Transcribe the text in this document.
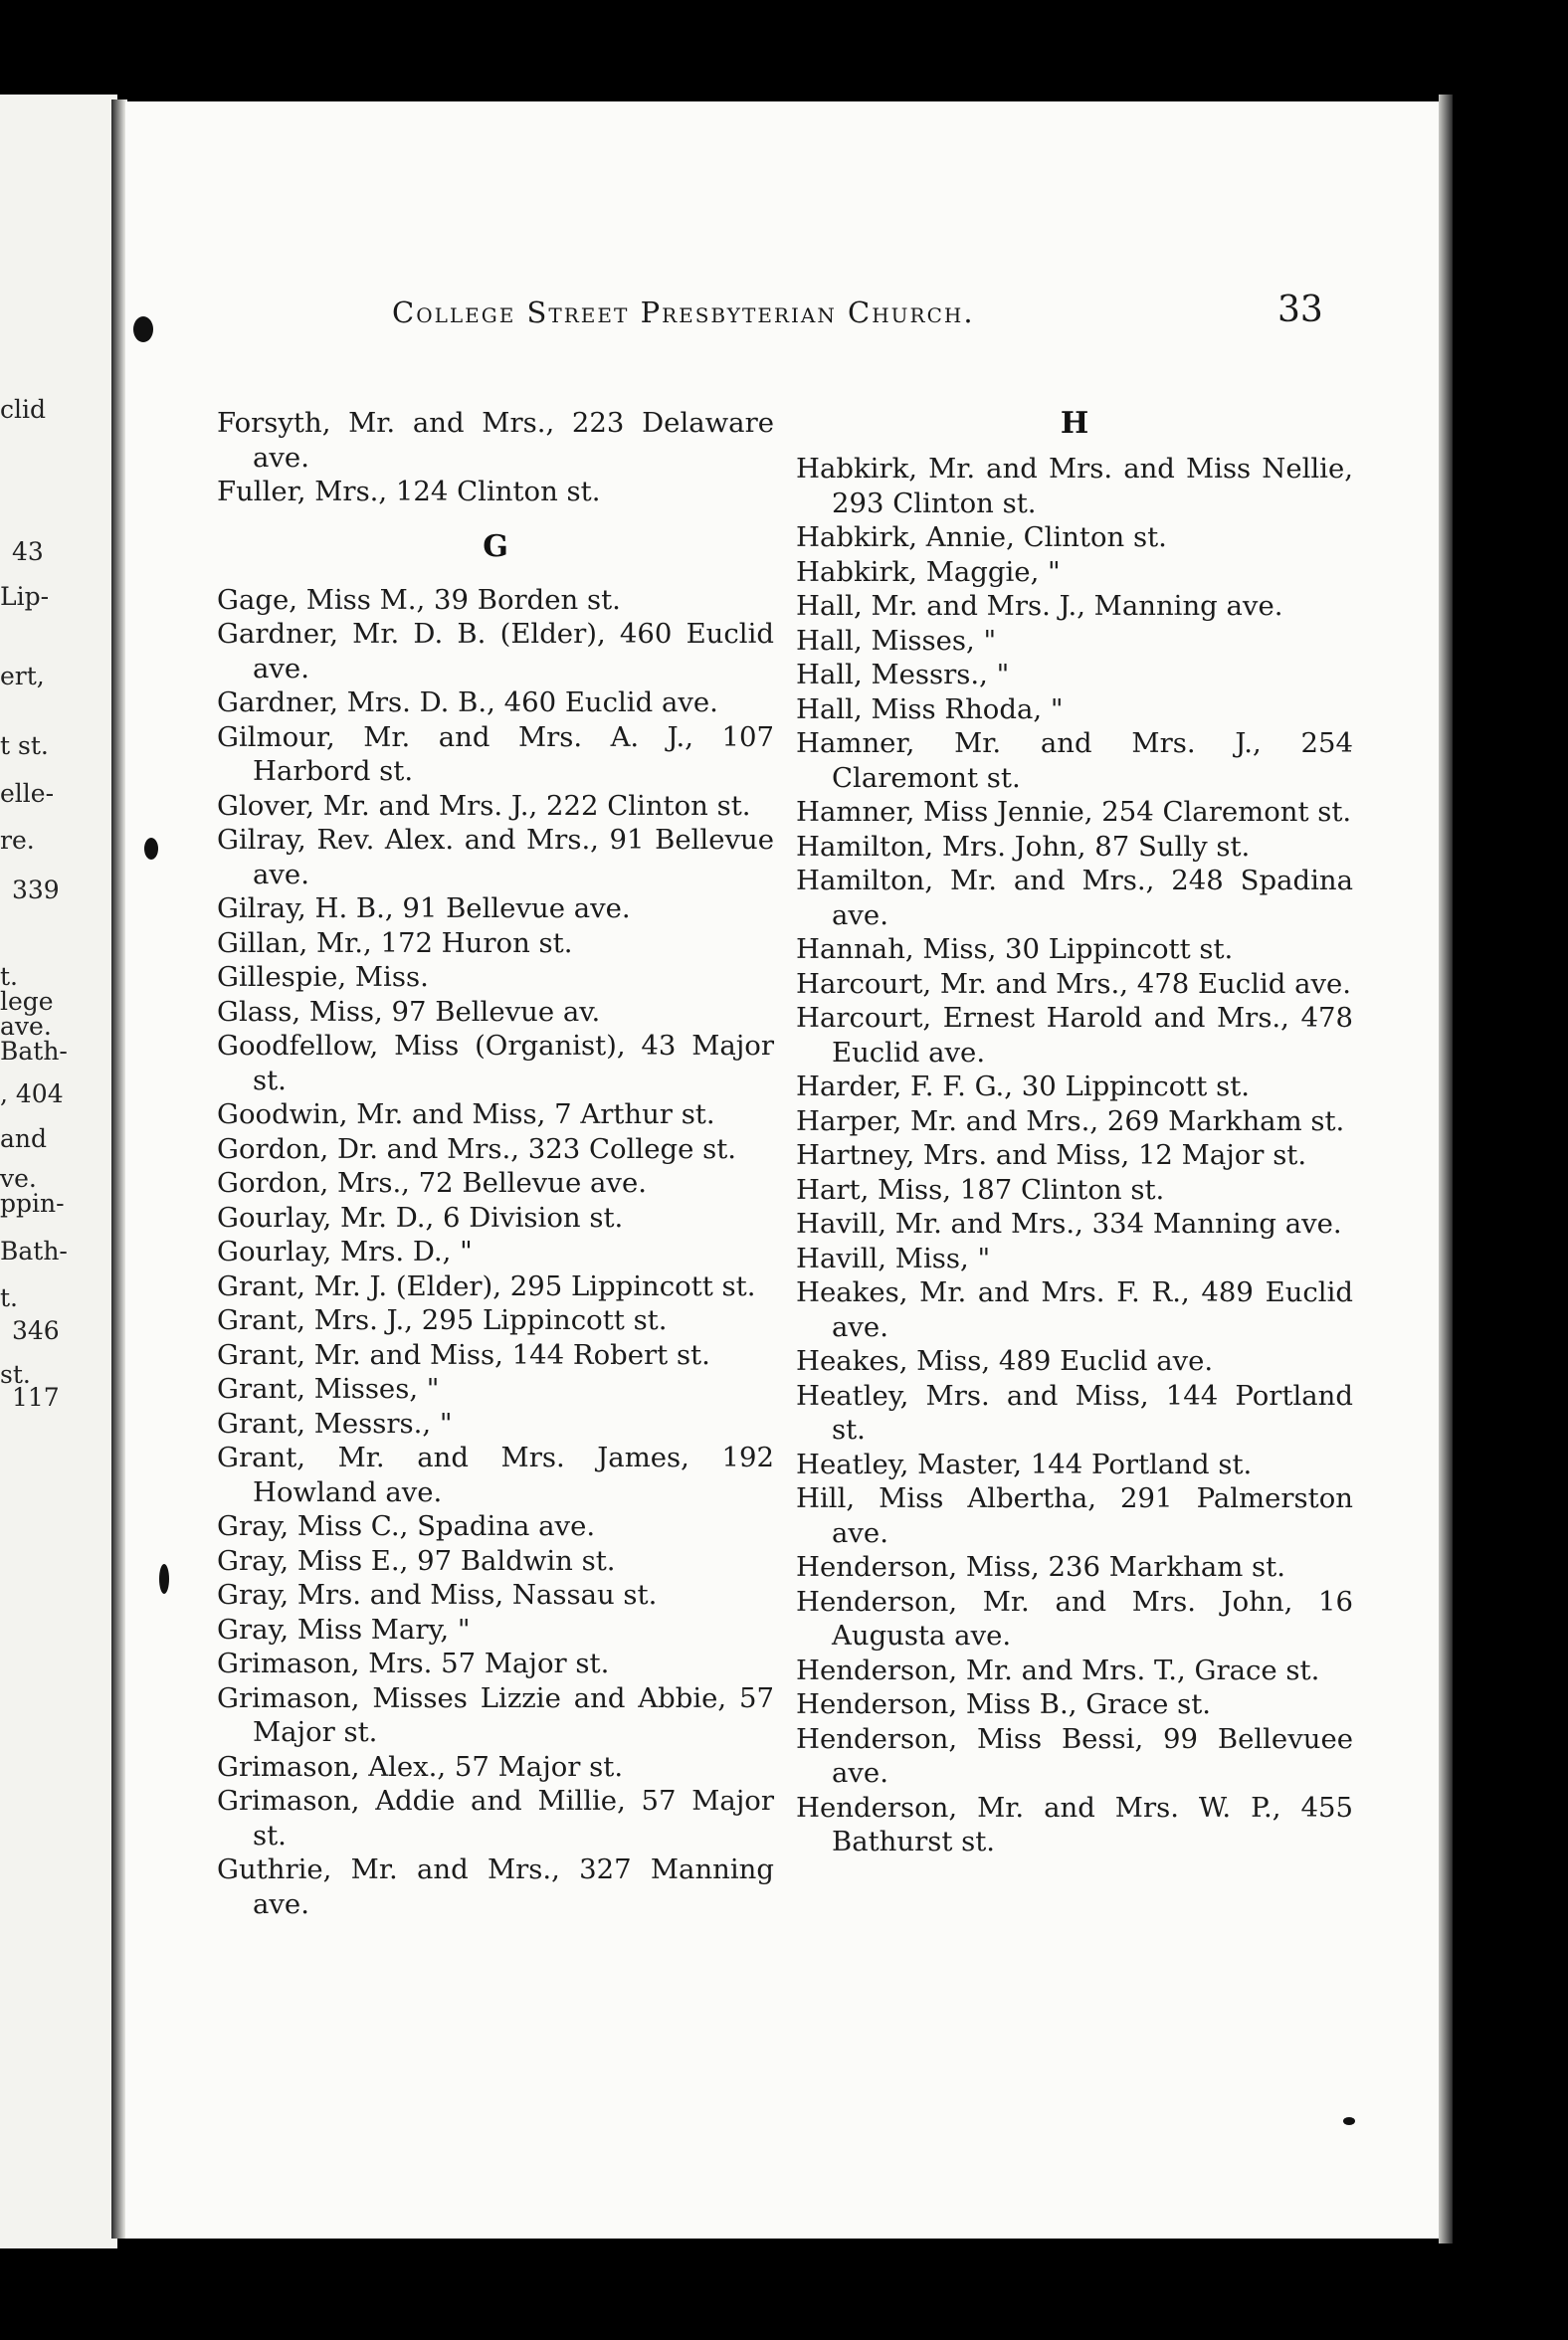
clid
43
Lip-
ert,
t st.
elle-
re.
339
t.
lege
ave.
Bath-
, 404
and
ve.
ppin-
Bath-
t.
346
st.
117
College Street Presbyterian Church.	33
Forsyth, Mr. and Mrs., 223 Delaware ave.
Fuller, Mrs., 124 Clinton st.
G
Gage, Miss M., 39 Borden st.
Gardner, Mr. D. B. (Elder), 460 Euclid ave.
Gardner, Mrs. D. B., 460 Euclid ave.
Gilmour, Mr. and Mrs. A. J., 107 Harbord st.
Glover, Mr. and Mrs. J., 222 Clinton st.
Gilray, Rev. Alex. and Mrs., 91 Bellevue ave.
Gilray, H. B., 91 Bellevue ave.
Gillan, Mr., 172 Huron st.
Gillespie, Miss.
Glass, Miss, 97 Bellevue av.
Goodfellow, Miss (Organist), 43 Major st.
Goodwin, Mr. and Miss, 7 Arthur st.
Gordon, Dr. and Mrs., 323 College st.
Gordon, Mrs., 72 Bellevue ave.
Gourlay, Mr. D., 6 Division st.
Gourlay, Mrs. D., "
Grant, Mr. J. (Elder), 295 Lippincott st.
Grant, Mrs. J., 295 Lippincott st.
Grant, Mr. and Miss, 144 Robert st.
Grant, Misses, "
Grant, Messrs., "
Grant, Mr. and Mrs. James, 192 Howland ave.
Gray, Miss C., Spadina ave.
Gray, Miss E., 97 Baldwin st.
Gray, Mrs. and Miss, Nassau st.
Gray, Miss Mary, "
Grimason, Mrs. 57 Major st.
Grimason, Misses Lizzie and Abbie, 57 Major st.
Grimason, Alex., 57 Major st.
Grimason, Addie and Millie, 57 Major st.
Guthrie, Mr. and Mrs., 327 Manning ave.
H
Habkirk, Mr. and Mrs. and Miss Nellie, 293 Clinton st.
Habkirk, Annie, Clinton st.
Habkirk, Maggie, "
Hall, Mr. and Mrs. J., Manning ave.
Hall, Misses, "
Hall, Messrs., "
Hall, Miss Rhoda, "
Hamner, Mr. and Mrs. J., 254 Claremont st.
Hamner, Miss Jennie, 254 Claremont st.
Hamilton, Mrs. John, 87 Sully st.
Hamilton, Mr. and Mrs., 248 Spadina ave.
Hannah, Miss, 30 Lippincott st.
Harcourt, Mr. and Mrs., 478 Euclid ave.
Harcourt, Ernest Harold and Mrs., 478 Euclid ave.
Harder, F. F. G., 30 Lippincott st.
Harper, Mr. and Mrs., 269 Markham st.
Hartney, Mrs. and Miss, 12 Major st.
Hart, Miss, 187 Clinton st.
Havill, Mr. and Mrs., 334 Manning ave.
Havill, Miss, "
Heakes, Mr. and Mrs. F. R., 489 Euclid ave.
Heakes, Miss, 489 Euclid ave.
Heatley, Mrs. and Miss, 144 Portland st.
Heatley, Master, 144 Portland st.
Hill, Miss Albertha, 291 Palmerston ave.
Henderson, Miss, 236 Markham st.
Henderson, Mr. and Mrs. John, 16 Augusta ave.
Henderson, Mr. and Mrs. T., Grace st.
Henderson, Miss B., Grace st.
Henderson, Miss Bessi, 99 Bellevuee ave.
Henderson, Mr. and Mrs. W. P., 455 Bathurst st.
